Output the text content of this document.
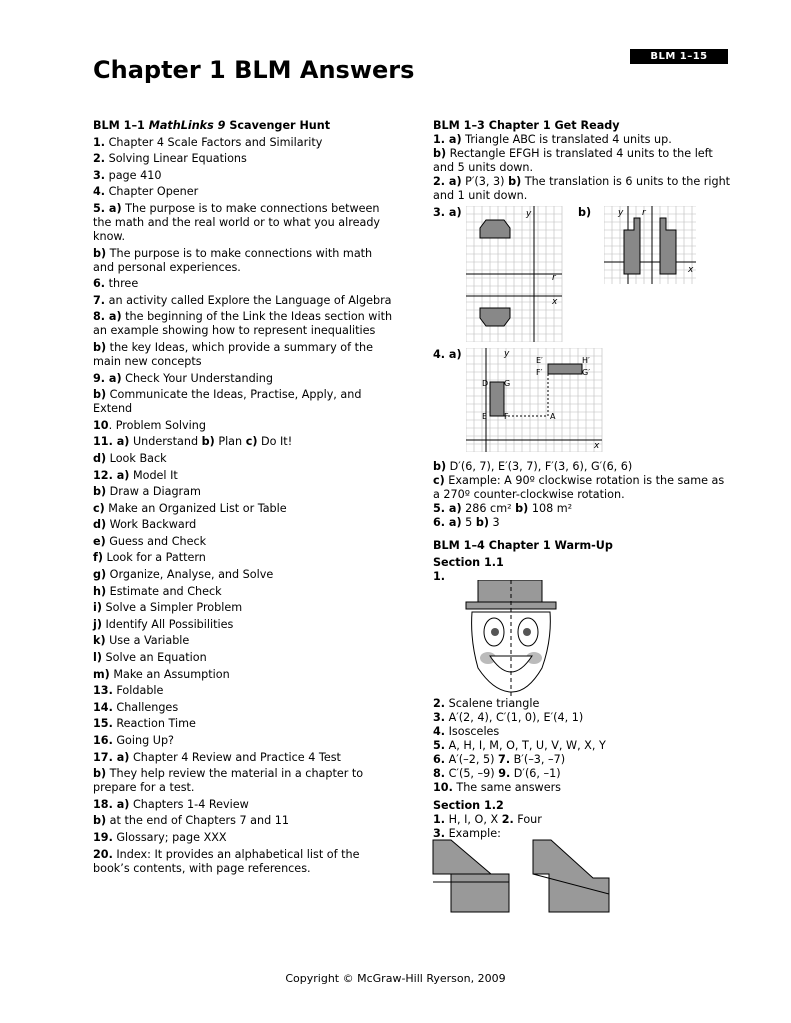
BLM 1–15
Chapter 1 BLM Answers

BLM 1–1 MathLinks 9 Scavenger Hunt

1. Chapter 4 Scale Factors and Similarity

2. Solving Linear Equations

3. page 410

4. Chapter Opener

5. a) The purpose is to make connections between the math and the real world or to what you already know.

b) The purpose is to make connections with math and personal experiences.

6. three

7. an activity called Explore the Language of Algebra

8. a) the beginning of the Link the Ideas section with an example showing how to represent inequalities

b) the key Ideas, which provide a summary of the main new concepts

9. a) Check Your Understanding

b) Communicate the Ideas, Practise, Apply, and Extend

10. Problem Solving

11. a) Understand b) Plan c) Do It!

d) Look Back

12. a) Model It

b) Draw a Diagram

c) Make an Organized List or Table

d) Work Backward

e) Guess and Check

f) Look for a Pattern

g) Organize, Analyse, and Solve

h) Estimate and Check

i) Solve a Simpler Problem

j) Identify All Possibilities

k) Use a Variable

l) Solve an Equation

m) Make an Assumption

13. Foldable

14. Challenges

15. Reaction Time

16. Going Up?

17. a) Chapter 4 Review and Practice 4 Test

b) They help review the material in a chapter to prepare for a test.

18. a) Chapters 1-4 Review

b) at the end of Chapters 7 and 11

19. Glossary; page XXX

20. Index: It provides an alphabetical list of the book’s contents, with page references.

BLM 1–3 Chapter 1 Get Ready

1. a) Triangle ABC is translated 4 units up.

b) Rectangle EFGH is translated 4 units to the left and 5 units down.

2. a) P′(3, 3) b) The translation is 6 units to the right and 1 unit down.

3. a)	b)
4. a)
y
r
x
y r
x
y
x
D G
E F
E′	H′
F′	G′
A

b) D′(6, 7), E′(3, 7), F′(3, 6), G′(6, 6)

c) Example: A 90º clockwise rotation is the same as a 270º counter-clockwise rotation.

5. a) 286 cm² b) 108 m²

6. a) 5 b) 3

BLM 1–4 Chapter 1 Warm-Up

Section 1.1

1.

2. Scalene triangle

3. A′(2, 4), C′(1, 0), E′(4, 1)

4. Isosceles

5. A, H, I, M, O, T, U, V, W, X, Y

6. A′(–2, 5) 7. B′(–3, –7)

8. C′(5, –9) 9. D′(6, –1)

10. The same answers

Section 1.2

1. H, I, O, X 2. Four

3. Example:

Copyright © McGraw-Hill Ryerson, 2009
